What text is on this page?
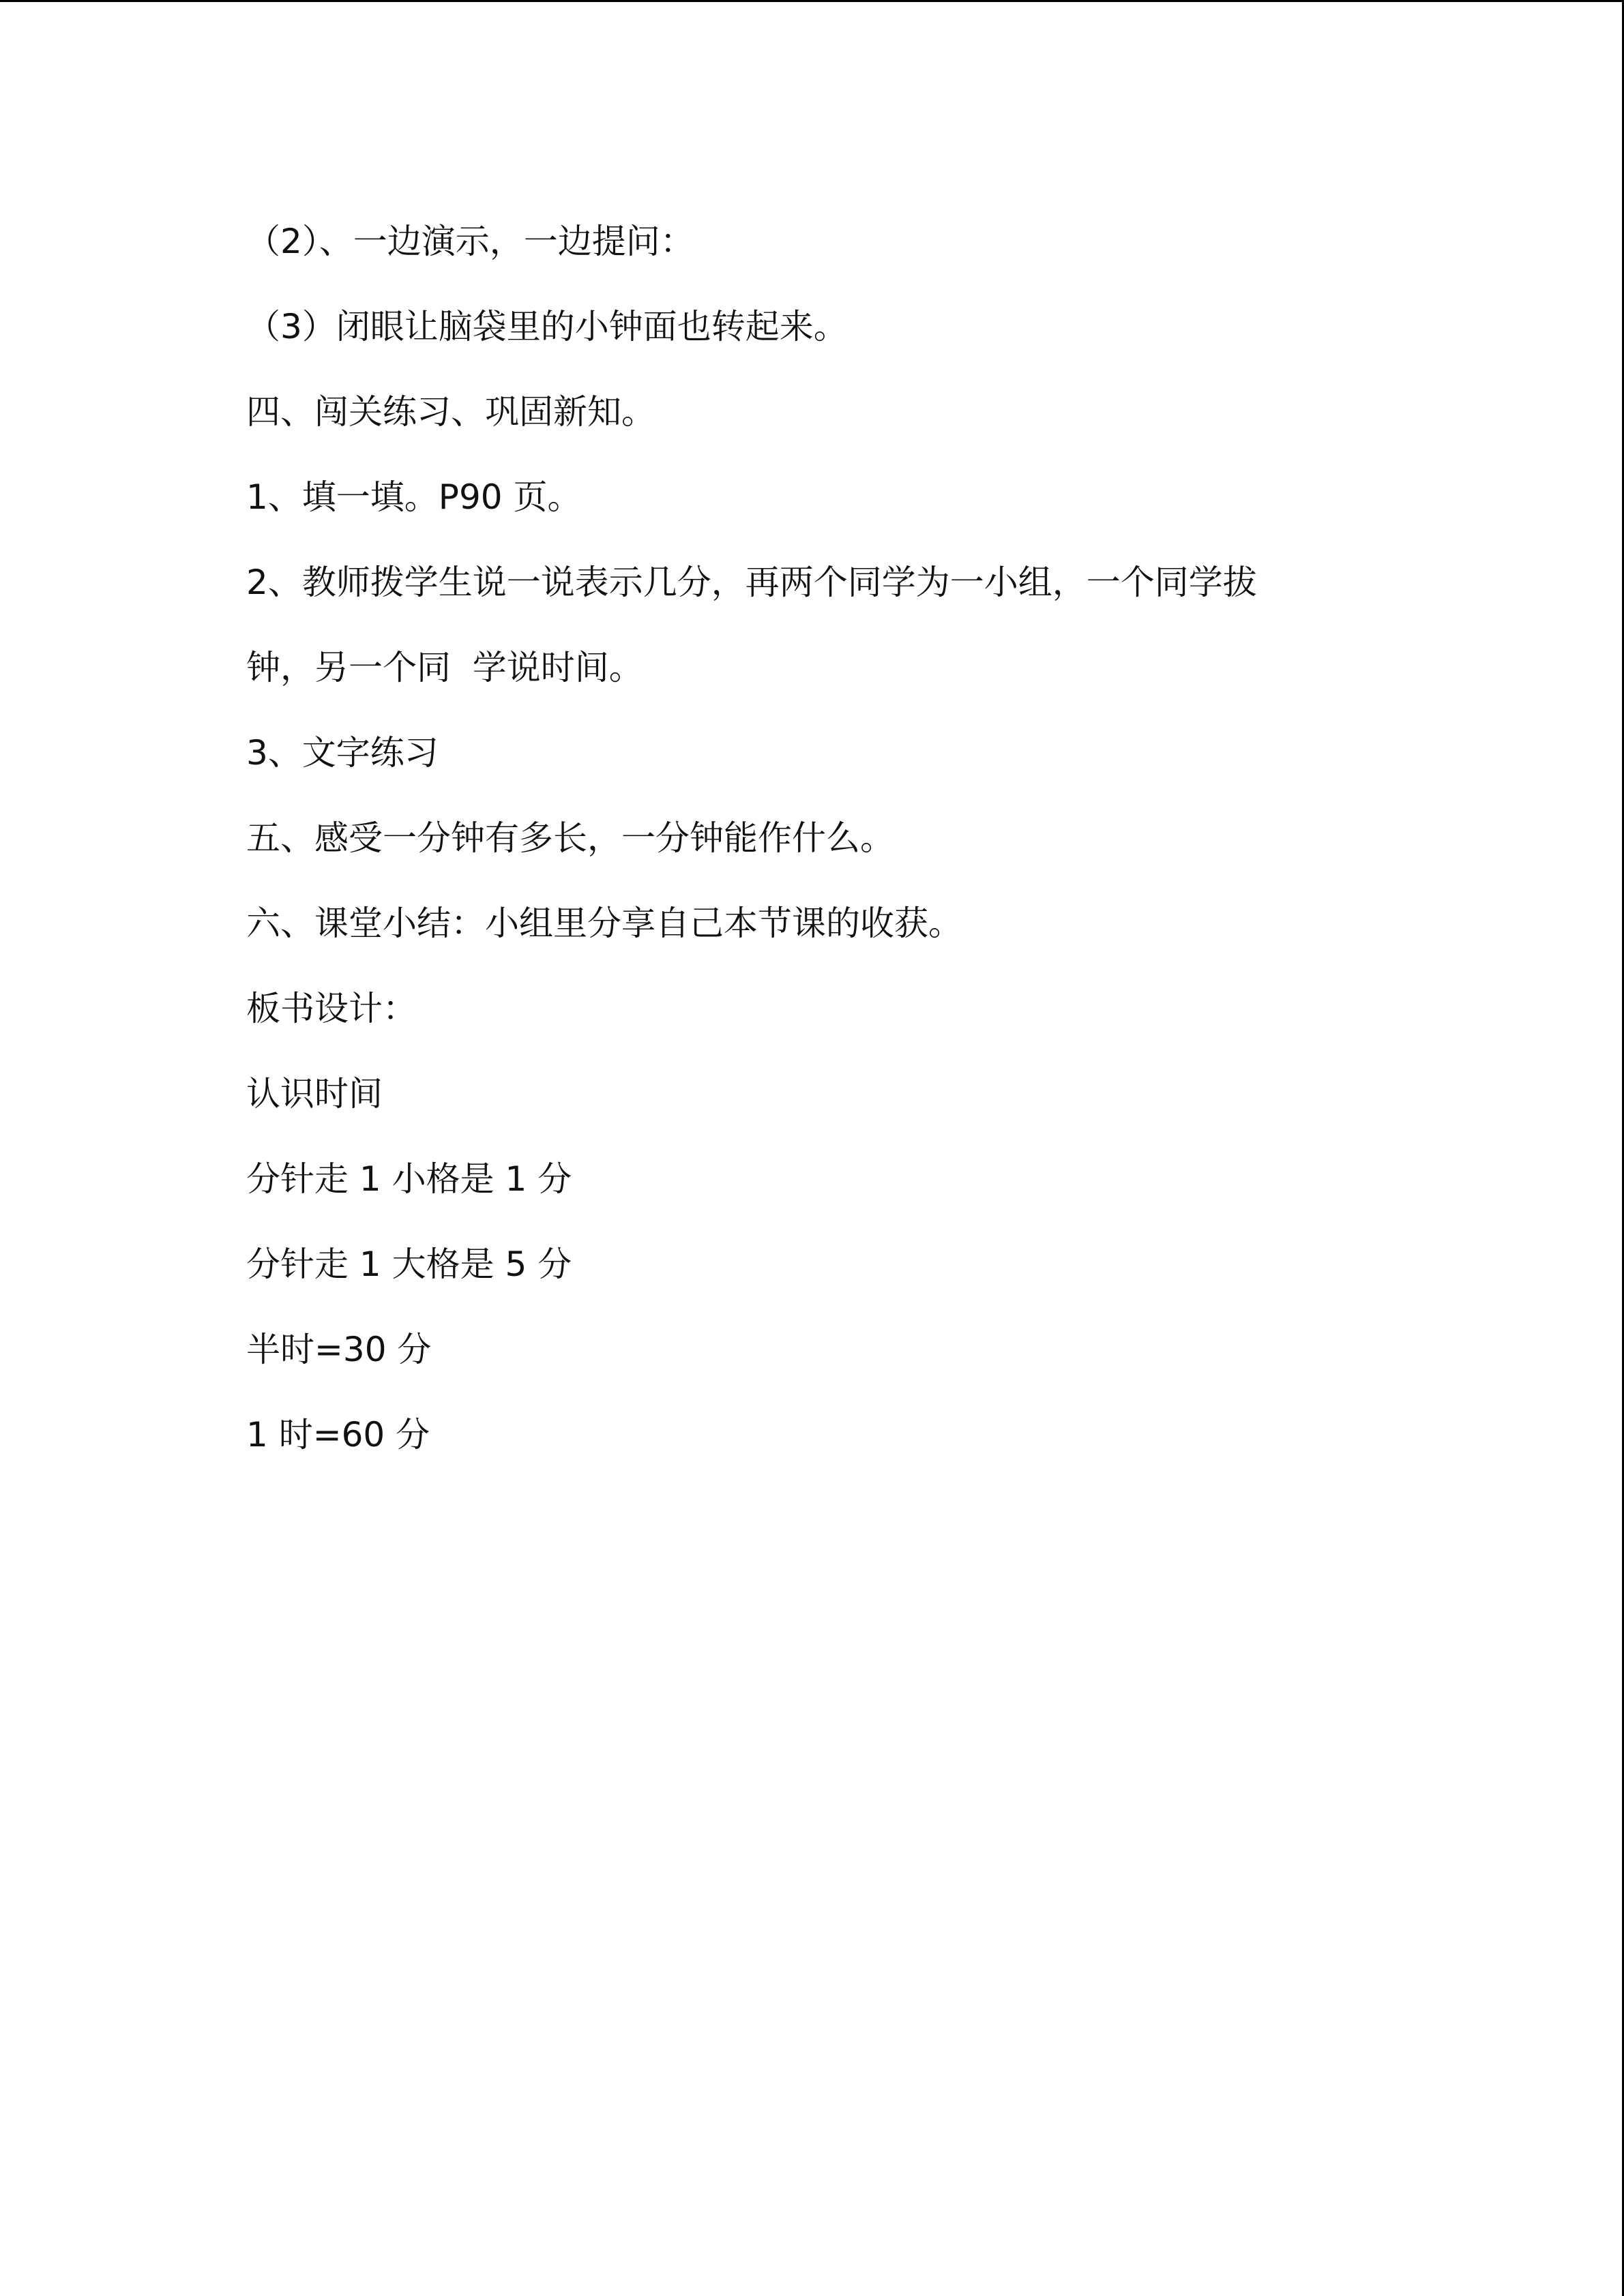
（2）、一边演示，一边提问：
（3）闭眼让脑袋里的小钟面也转起来。
四、闯关练习、巩固新知。
1、填一填。P90 页。
2、教师拨学生说一说表示几分，再两个同学为一小组，一个同学拔
钟，另一个同  学说时间。
3、文字练习
五、感受一分钟有多长，一分钟能作什么。
六、课堂小结：小组里分享自己本节课的收获。
板书设计：
认识时间
分针走 1 小格是 1 分
分针走 1 大格是 5 分
半时=30 分
1 时=60 分
